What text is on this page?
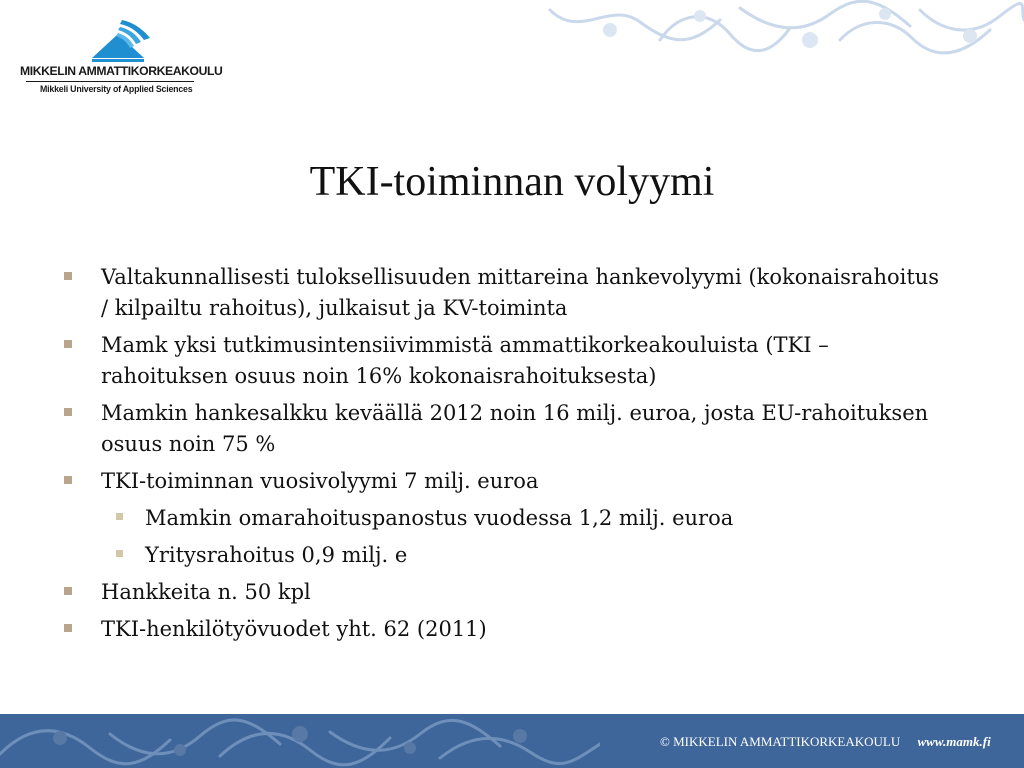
MIKKELIN AMMATTIKORKEAKOULU
Mikkeli University of Applied Sciences
TKI-toiminnan volyymi
Valtakunnallisesti tuloksellisuuden mittareina hankevolyymi (kokonaisrahoitus / kilpailtu rahoitus), julkaisut ja KV-toiminta
Mamk yksi tutkimusintensiivimmistä ammattikorkeakouluista (TKI –rahoituksen osuus noin 16% kokonaisrahoituksesta)
Mamkin hankesalkku keväällä 2012 noin 16 milj. euroa, josta EU-rahoituksen osuus noin 75 %
TKI-toiminnan vuosivolyymi 7 milj. euroa
Mamkin omarahoituspanostus vuodessa 1,2 milj. euroa
Yritysrahoitus 0,9 milj. e
Hankkeita n. 50 kpl
TKI-henkilötyövuodet yht. 62 (2011)
© MIKKELIN AMMATTIKORKEAKOULU www.mamk.fi
